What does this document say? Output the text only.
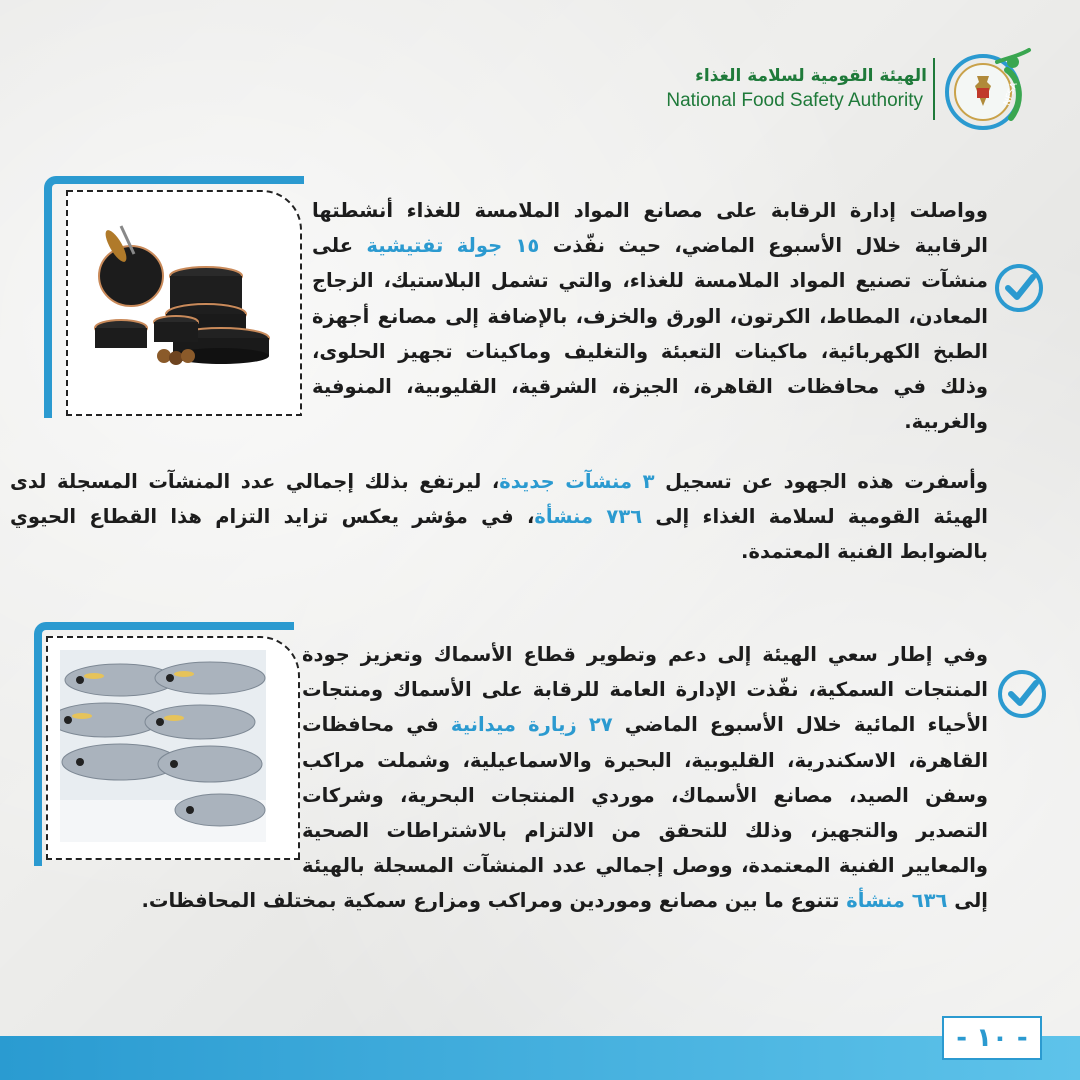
الهيئة القومية لسلامة الغذاء
National Food Safety Authority	NFSA
وواصلت إدارة الرقابة على مصانع المواد الملامسة للغذاء أنشطتها الرقابية خلال الأسبوع الماضي، حيث نفّذت ١٥ جولة تفتيشية على منشآت تصنيع المواد الملامسة للغذاء، والتي تشمل البلاستيك، الزجاج المعادن، المطاط، الكرتون، الورق والخزف، بالإضافة إلى مصانع أجهزة الطبخ الكهربائية، ماكينات التعبئة والتغليف وماكينات تجهيز الحلوى، وذلك في محافظات القاهرة، الجيزة، الشرقية، القليوبية، المنوفية والغربية.
وأسفرت هذه الجهود عن تسجيل ٣ منشآت جديدة، ليرتفع بذلك إجمالي عدد المنشآت المسجلة لدى الهيئة القومية لسلامة الغذاء إلى ٧٣٦ منشأة، في مؤشر يعكس تزايد التزام هذا القطاع الحيوي بالضوابط الفنية المعتمدة.
وفي إطار سعي الهيئة إلى دعم وتطوير قطاع الأسماك وتعزيز جودة المنتجات السمكية، نفّذت الإدارة العامة للرقابة على الأسماك ومنتجات الأحياء المائية خلال الأسبوع الماضي ٢٧ زيارة ميدانية في محافظات القاهرة، الاسكندرية، القليوبية، البحيرة والاسماعيلية، وشملت مراكب وسفن الصيد، مصانع الأسماك، موردي المنتجات البحرية، وشركات التصدير والتجهيز، وذلك للتحقق من الالتزام بالاشتراطات الصحية والمعايير الفنية المعتمدة، ووصل إجمالي عدد المنشآت المسجلة بالهيئة إلى ٦٣٦ منشأة تتنوع ما بين مصانع وموردين ومراكب ومزارع سمكية بمختلف المحافظات.
- ١٠ -
